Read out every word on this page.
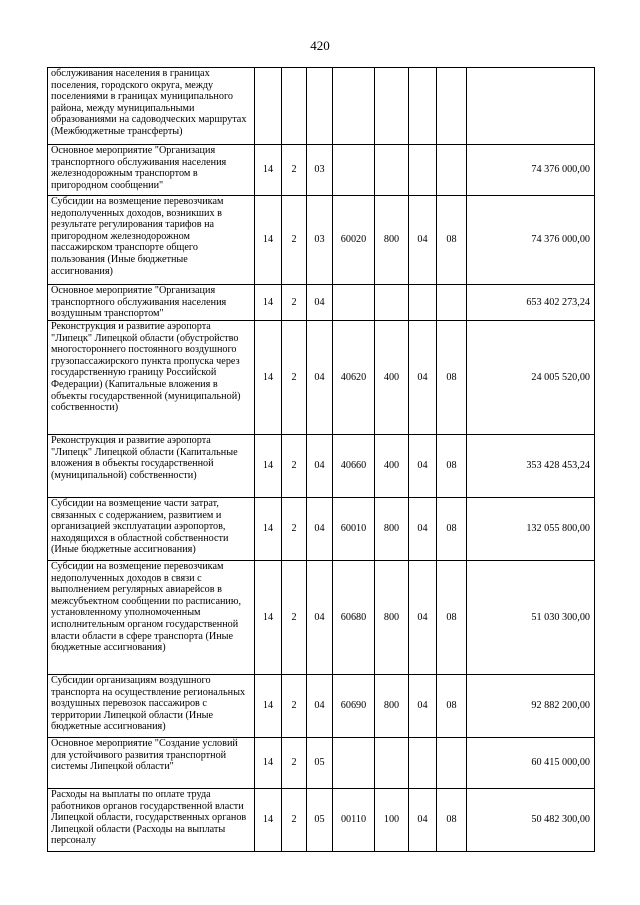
420
обслуживания населения в границах поселения, городского округа, между поселениями в границах муниципального района, между муниципальными образованиями на садоводческих маршрутах (Межбюджетные трансферты)								
Основное мероприятие "Организация транспортного обслуживания населения железнодорожным транспортом в пригородном сообщении"	14	2	03					74 376 000,00
Субсидии на возмещение перевозчикам недополученных доходов, возникших в результате регулирования тарифов на пригородном железнодорожном пассажирском транспорте общего пользования (Иные бюджетные ассигнования)	14	2	03	60020	800	04	08	74 376 000,00
Основное мероприятие "Организация транспортного обслуживания населения воздушным транспортом"	14	2	04					653 402 273,24
Реконструкция и развитие аэропорта "Липецк" Липецкой области (обустройство многостороннего постоянного воздушного грузопассажирского пункта пропуска через государственную границу Российской Федерации) (Капитальные вложения в объекты государственной (муниципальной) собственности)	14	2	04	40620	400	04	08	24 005 520,00
Реконструкция и развитие аэропорта "Липецк" Липецкой области (Капитальные вложения в объекты государственной (муниципальной) собственности)	14	2	04	40660	400	04	08	353 428 453,24
Субсидии на возмещение части затрат, связанных с содержанием, развитием и организацией эксплуатации аэропортов, находящихся в областной собственности (Иные бюджетные ассигнования)	14	2	04	60010	800	04	08	132 055 800,00
Субсидии на возмещение перевозчикам недополученных доходов в связи с выполнением регулярных авиарейсов в межсубъектном сообщении по расписанию, установленному уполномоченным исполнительным органом государственной власти области в сфере транспорта (Иные бюджетные ассигнования)	14	2	04	60680	800	04	08	51 030 300,00
Субсидии организациям воздушного транспорта на осуществление региональных воздушных перевозок пассажиров с территории Липецкой области (Иные бюджетные ассигнования)	14	2	04	60690	800	04	08	92 882 200,00
Основное мероприятие "Создание условий для устойчивого развития транспортной системы Липецкой области"	14	2	05					60 415 000,00
Расходы на выплаты по оплате труда работников органов государственной власти Липецкой области, государственных органов Липецкой области (Расходы на выплаты персоналу	14	2	05	00110	100	04	08	50 482 300,00
